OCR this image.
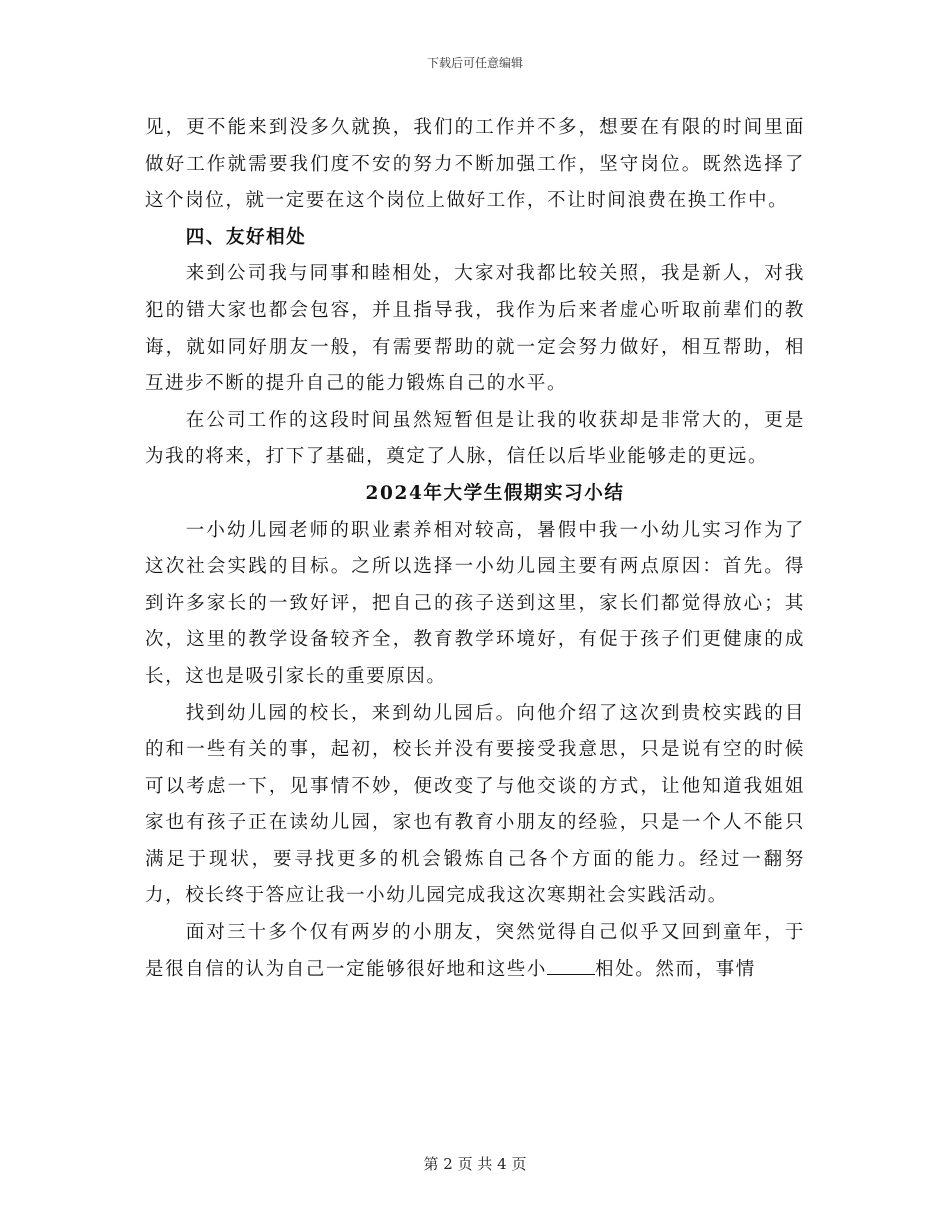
下载后可任意编辑

见，更不能来到没多久就换，我们的工作并不多，想要在有限的时间里面做好工作就需要我们度不安的努力不断加强工作，坚守岗位。既然选择了这个岗位，就一定要在这个岗位上做好工作，不让时间浪费在换工作中。

四、友好相处

来到公司我与同事和睦相处，大家对我都比较关照，我是新人，对我犯的错大家也都会包容，并且指导我，我作为后来者虚心听取前辈们的教诲，就如同好朋友一般，有需要帮助的就一定会努力做好，相互帮助，相互进步不断的提升自己的能力锻炼自己的水平。

在公司工作的这段时间虽然短暂但是让我的收获却是非常大的，更是为我的将来，打下了基础，奠定了人脉，信任以后毕业能够走的更远。

2024年大学生假期实习小结

一小幼儿园老师的职业素养相对较高，暑假中我一小幼儿实习作为了这次社会实践的目标。之所以选择一小幼儿园主要有两点原因：首先。得到许多家长的一致好评，把自己的孩子送到这里，家长们都觉得放心；其次，这里的教学设备较齐全，教育教学环境好，有促于孩子们更健康的成长，这也是吸引家长的重要原因。

找到幼儿园的校长，来到幼儿园后。向他介绍了这次到贵校实践的目的和一些有关的事，起初，校长并没有要接受我意思，只是说有空的时候可以考虑一下，见事情不妙，便改变了与他交谈的方式，让他知道我姐姐家也有孩子正在读幼儿园，家也有教育小朋友的经验，只是一个人不能只满足于现状，要寻找更多的机会锻炼自己各个方面的能力。经过一翻努力，校长终于答应让我一小幼儿园完成我这次寒期社会实践活动。

面对三十多个仅有两岁的小朋友，突然觉得自己似乎又回到童年，于是很自信的认为自己一定能够很好地和这些小	相处。然而，事情

第 2 页 共 4 页
